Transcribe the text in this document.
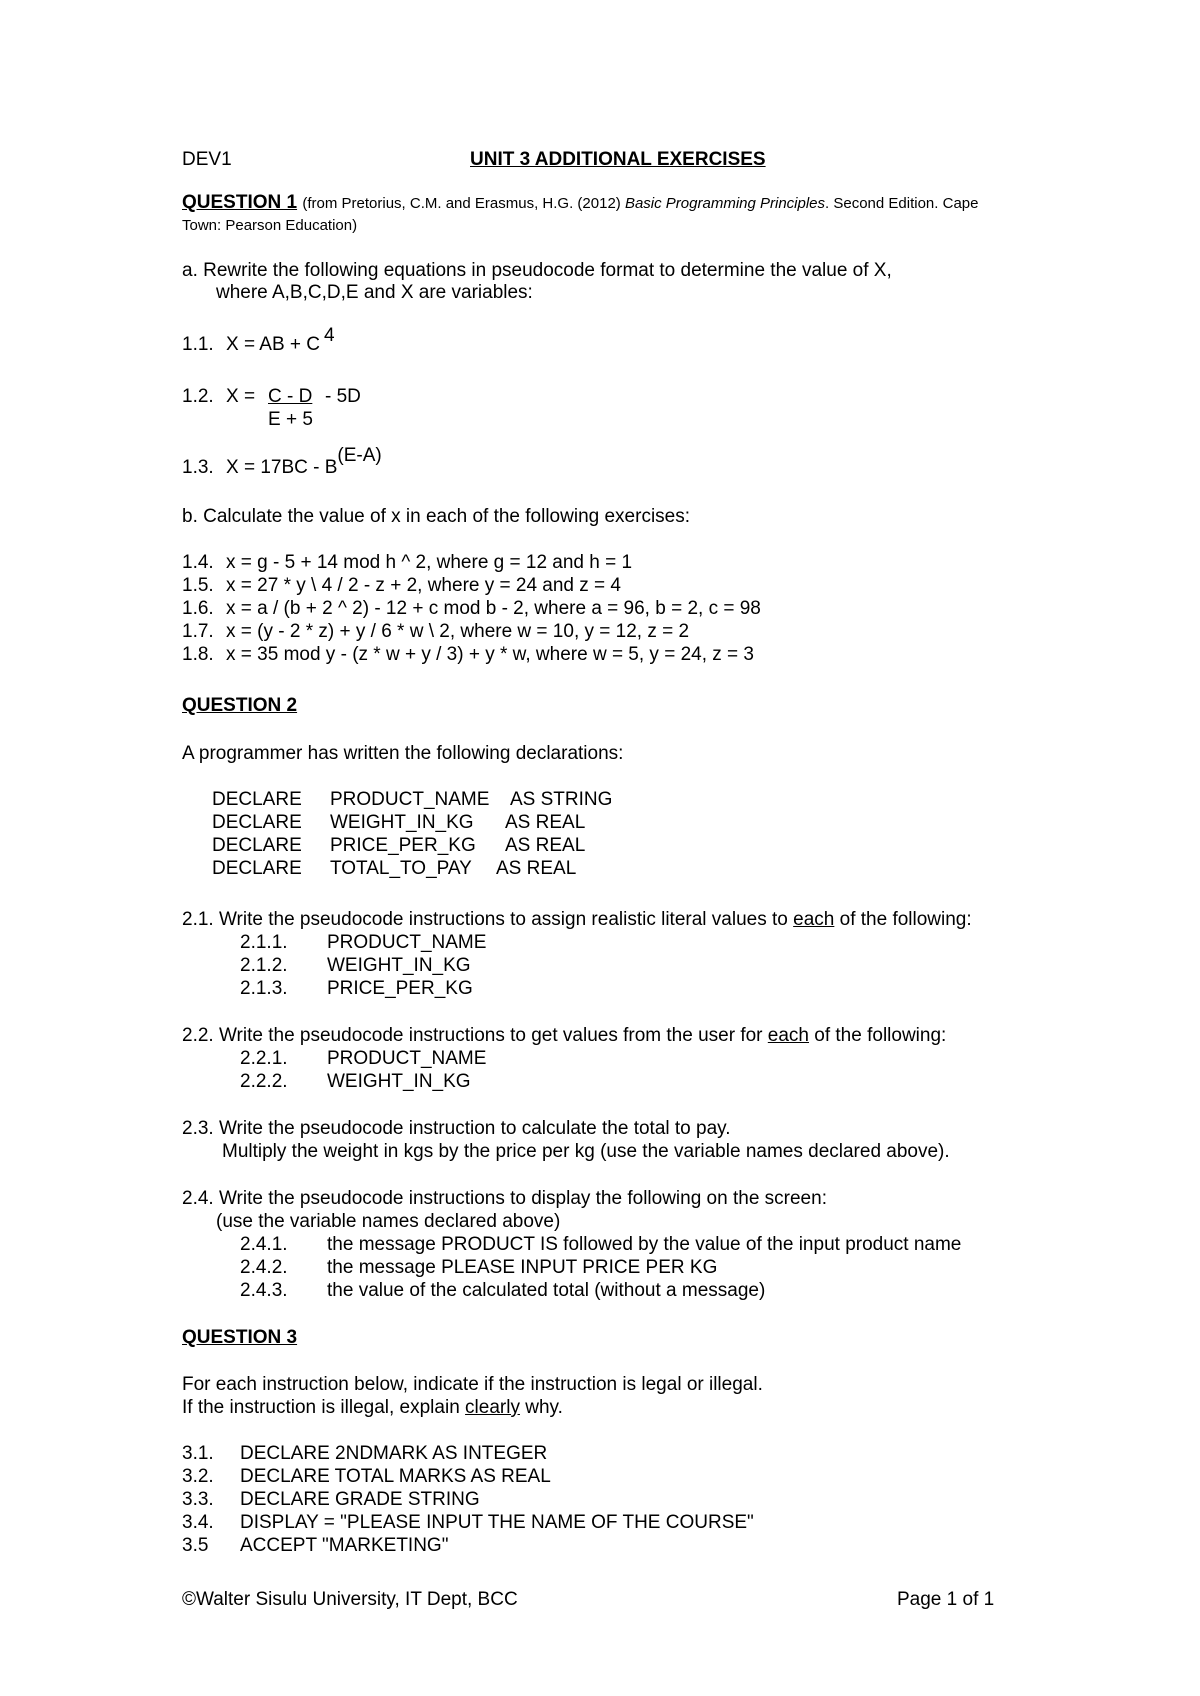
DEV1	UNIT 3 ADDITIONAL EXERCISES
QUESTION 1 (from Pretorius, C.M. and Erasmus, H.G. (2012) Basic Programming Principles. Second Edition. Cape
Town: Pearson Education)
a. Rewrite the following equations in pseudocode format to determine the value of X,
where A,B,C,D,E and X are variables:
1.1. X = AB + C 4
1.2. X = C - D - 5D
E + 5
1.3. X = 17BC - B(E-A)
b. Calculate the value of x in each of the following exercises:
1.4. x = g - 5 + 14 mod h ^ 2, where g = 12 and h = 1
1.5. x = 27 * y \ 4 / 2 - z + 2, where y = 24 and z = 4
1.6. x = a / (b + 2 ^ 2) - 12 + c mod b - 2, where a = 96, b = 2, c = 98
1.7. x = (y - 2 * z) + y / 6 * w \ 2, where w = 10, y = 12, z = 2
1.8. x = 35 mod y - (z * w + y / 3) + y * w, where w = 5, y = 24, z = 3
QUESTION 2
A programmer has written the following declarations:
DECLARE PRODUCT_NAME AS STRING
DECLARE WEIGHT_IN_KG AS REAL
DECLARE PRICE_PER_KG AS REAL
DECLARE TOTAL_TO_PAY AS REAL
2.1. Write the pseudocode instructions to assign realistic literal values to each of the following:
2.1.1. PRODUCT_NAME
2.1.2. WEIGHT_IN_KG
2.1.3. PRICE_PER_KG
2.2. Write the pseudocode instructions to get values from the user for each of the following:
2.2.1. PRODUCT_NAME
2.2.2. WEIGHT_IN_KG
2.3. Write the pseudocode instruction to calculate the total to pay.
Multiply the weight in kgs by the price per kg (use the variable names declared above).
2.4. Write the pseudocode instructions to display the following on the screen:
(use the variable names declared above)
2.4.1. the message PRODUCT IS followed by the value of the input product name
2.4.2. the message PLEASE INPUT PRICE PER KG
2.4.3. the value of the calculated total (without a message)
QUESTION 3
For each instruction below, indicate if the instruction is legal or illegal.
If the instruction is illegal, explain clearly why.
3.1. DECLARE 2NDMARK AS INTEGER
3.2. DECLARE TOTAL MARKS AS REAL
3.3. DECLARE GRADE STRING
3.4. DISPLAY = "PLEASE INPUT THE NAME OF THE COURSE"
3.5 ACCEPT "MARKETING"
©Walter Sisulu University, IT Dept, BCC	Page 1 of 1
